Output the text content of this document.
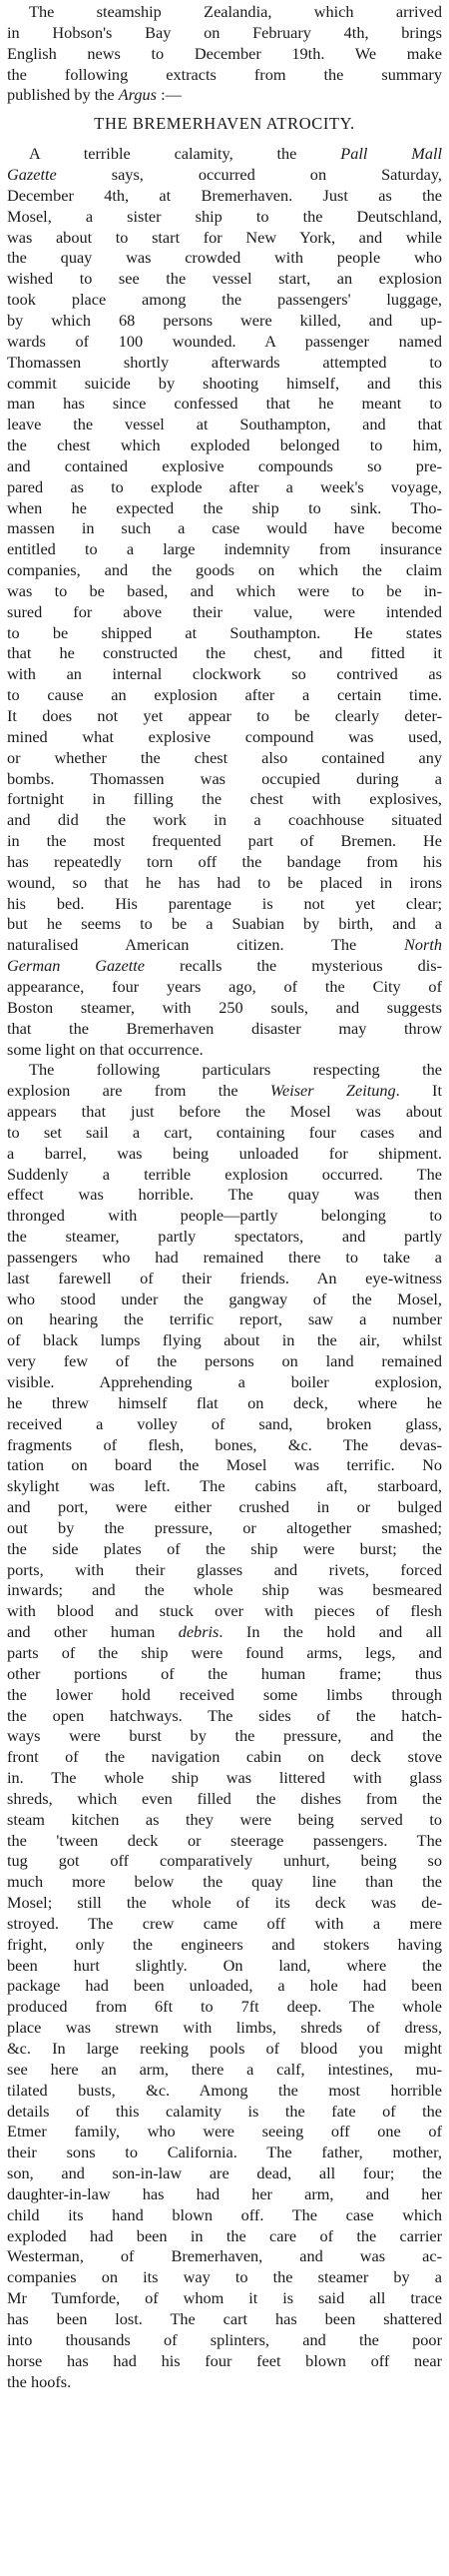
The steamship Zealandia, which arrived
in Hobson's Bay on February 4th, brings
English news to December 19th. We make
the following extracts from the summary
published by the Argus :—
THE BREMERHAVEN ATROCITY.
A terrible calamity, the Pall Mall
Gazette says, occurred on Saturday,
December 4th, at Bremerhaven. Just as the
Mosel, a sister ship to the Deutschland,
was about to start for New York, and while
the quay was crowded with people who
wished to see the vessel start, an explosion
took place among the passengers' luggage,
by which 68 persons were killed, and up-
wards of 100 wounded. A passenger named
Thomassen shortly afterwards attempted to
commit suicide by shooting himself, and this
man has since confessed that he meant to
leave the vessel at Southampton, and that
the chest which exploded belonged to him,
and contained explosive compounds so pre-
pared as to explode after a week's voyage,
when he expected the ship to sink. Tho-
massen in such a case would have become
entitled to a large indemnity from insurance
companies, and the goods on which the claim
was to be based, and which were to be in-
sured for above their value, were intended
to be shipped at Southampton. He states
that he constructed the chest, and fitted it
with an internal clockwork so contrived as
to cause an explosion after a certain time.
It does not yet appear to be clearly deter-
mined what explosive compound was used,
or whether the chest also contained any
bombs. Thomassen was occupied during a
fortnight in filling the chest with explosives,
and did the work in a coachhouse situated
in the most frequented part of Bremen. He
has repeatedly torn off the bandage from his
wound, so that he has had to be placed in irons
his bed. His parentage is not yet clear;
but he seems to be a Suabian by birth, and a
naturalised American citizen. The North
German Gazette recalls the mysterious dis-
appearance, four years ago, of the City of
Boston steamer, with 250 souls, and suggests
that the Bremerhaven disaster may throw
some light on that occurrence.
The following particulars respecting the
explosion are from the Weiser Zeitung. It
appears that just before the Mosel was about
to set sail a cart, containing four cases and
a barrel, was being unloaded for shipment.
Suddenly a terrible explosion occurred. The
effect was horrible. The quay was then
thronged with people—partly belonging to
the steamer, partly spectators, and partly
passengers who had remained there to take a
last farewell of their friends. An eye-witness
who stood under the gangway of the Mosel,
on hearing the terrific report, saw a number
of black lumps flying about in the air, whilst
very few of the persons on land remained
visible. Apprehending a boiler explosion,
he threw himself flat on deck, where he
received a volley of sand, broken glass,
fragments of flesh, bones, &c. The devas-
tation on board the Mosel was terrific. No
skylight was left. The cabins aft, starboard,
and port, were either crushed in or bulged
out by the pressure, or altogether smashed;
the side plates of the ship were burst; the
ports, with their glasses and rivets, forced
inwards; and the whole ship was besmeared
with blood and stuck over with pieces of flesh
and other human debris. In the hold and all
parts of the ship were found arms, legs, and
other portions of the human frame; thus
the lower hold received some limbs through
the open hatchways. The sides of the hatch-
ways were burst by the pressure, and the
front of the navigation cabin on deck stove
in. The whole ship was littered with glass
shreds, which even filled the dishes from the
steam kitchen as they were being served to
the 'tween deck or steerage passengers. The
tug got off comparatively unhurt, being so
much more below the quay line than the
Mosel; still the whole of its deck was de-
stroyed. The crew came off with a mere
fright, only the engineers and stokers having
been hurt slightly. On land, where the
package had been unloaded, a hole had been
produced from 6ft to 7ft deep. The whole
place was strewn with limbs, shreds of dress,
&c. In large reeking pools of blood you might
see here an arm, there a calf, intestines, mu-
tilated busts, &c. Among the most horrible
details of this calamity is the fate of the
Etmer family, who were seeing off one of
their sons to California. The father, mother,
son, and son-in-law are dead, all four; the
daughter-in-law has had her arm, and her
child its hand blown off. The case which
exploded had been in the care of the carrier
Westerman, of Bremerhaven, and was ac-
companies on its way to the steamer by a
Mr Tumforde, of whom it is said all trace
has been lost. The cart has been shattered
into thousands of splinters, and the poor
horse has had his four feet blown off near
the hoofs.
